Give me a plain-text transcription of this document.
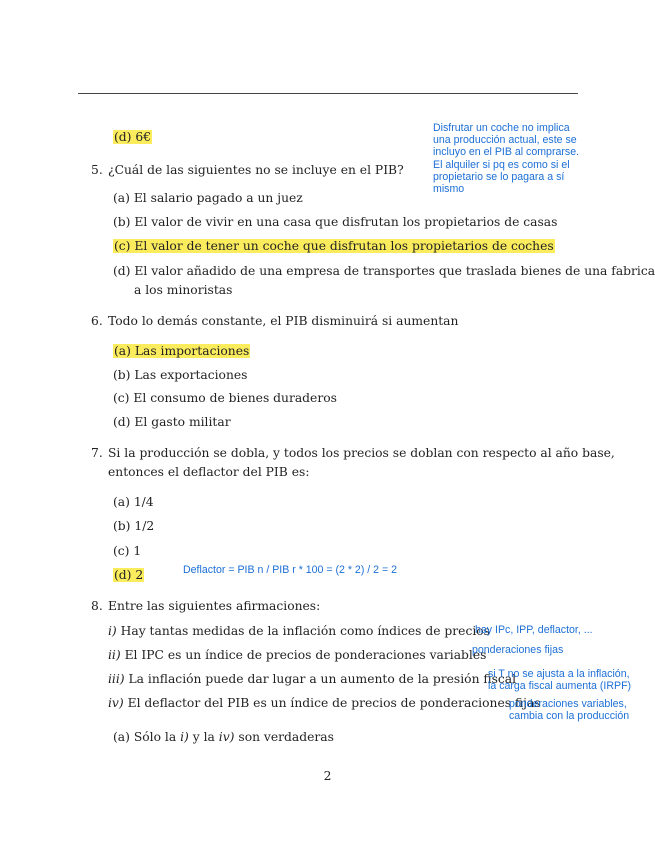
(d) 6€
5. ¿Cuál de las siguientes no se incluye en el PIB?
(a) El salario pagado a un juez
(b) El valor de vivir en una casa que disfrutan los propietarios de casas
(c) El valor de tener un coche que disfrutan los propietarios de coches
(d) El valor añadido de una empresa de transportes que traslada bienes de una fabrica
a los minoristas
6. Todo lo demás constante, el PIB disminuirá si aumentan
(a) Las importaciones
(b) Las exportaciones
(c) El consumo de bienes duraderos
(d) El gasto militar
7. Si la producción se dobla, y todos los precios se doblan con respecto al año base,
entonces el deflactor del PIB es:
(a) 1/4
(b) 1/2
(c) 1
(d) 2
8. Entre las siguientes afirmaciones:
i) Hay tantas medidas de la inflación como índices de precios
ii) El IPC es un índice de precios de ponderaciones variables
iii) La inflación puede dar lugar a un aumento de la presión fiscal
iv) El deflactor del PIB es un índice de precios de ponderaciones fijas
(a) Sólo la i) y la iv) son verdaderas
Disfrutar un coche no implica
una producción actual, este se
incluyo en el PIB al comprarse.
El alquiler si pq es como si el
propietario se lo pagara a sí
mismo
Deflactor = PIB n / PIB r * 100 = (2 * 2) / 2 = 2
hay IPc, IPP, deflactor, ...
ponderaciones fijas
si T no se ajusta a la inflación,
la carga fiscal aumenta (IRPF)
ponderaciones variables,
cambia con la producción
2
